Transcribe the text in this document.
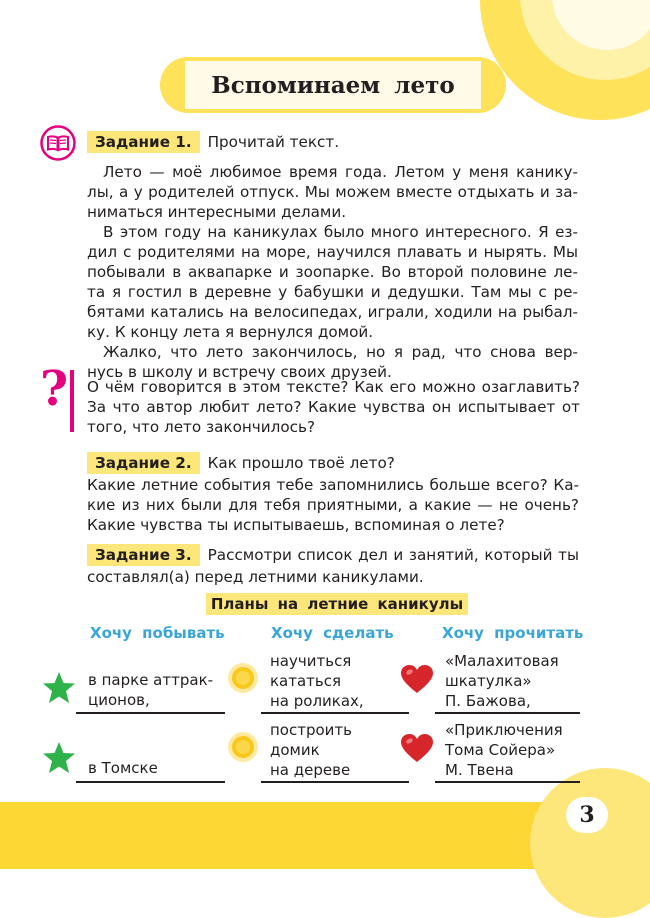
3
Вспоминаем лето
Задание 1. Прочитай текст.
Лето — моё любимое время года. Летом у меня канику-
лы, а у родителей отпуск. Мы можем вместе отдыхать и за-
ниматься интересными делами.
В этом году на каникулах было много интересного. Я ез-
дил с родителями на море, научился плавать и нырять. Мы
побывали в аквапарке и зоопарке. Во второй половине ле-
та я гостил в деревне у бабушки и дедушки. Там мы с ре-
бятами катались на велосипедах, играли, ходили на рыбал-
ку. К концу лета я вернулся домой.
Жалко, что лето закончилось, но я рад, что снова вер-
нусь в школу и встречу своих друзей.
? О чём говорится в этом тексте? Как его можно озаглавить?
За что автор любит лето? Какие чувства он испытывает от
того, что лето закончилось?
Задание 2. Как прошло твоё лето?
Какие летние события тебе запомнились больше всего? Ка-
кие из них были для тебя приятными, а какие — не очень?
Какие чувства ты испытываешь, вспоминая о лете?
Задание 3. Рассмотри список дел и занятий, который ты
составлял(а) перед летними каникулами.
Планы на летние каникулы
Хочу побывать	Хочу сделать	Хочу прочитать
в парке аттрак-
ционов,
в Томске
научиться
кататься
на роликах,
построить
домик
на дереве
«Малахитовая
шкатулка»
П. Бажова,
«Приключения
Тома Сойера»
М. Твена
